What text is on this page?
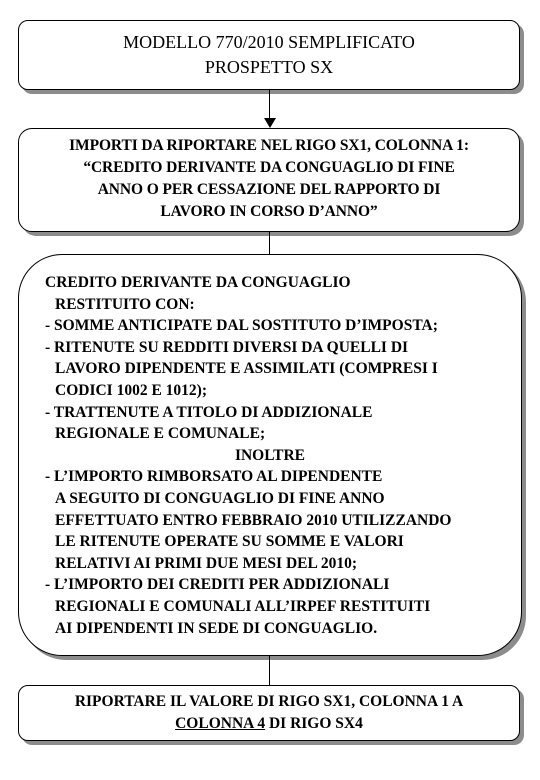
MODELLO 770/2010 SEMPLIFICATO
PROSPETTO SX
IMPORTI DA RIPORTARE NEL RIGO SX1, COLONNA 1:
“CREDITO DERIVANTE DA CONGUAGLIO DI FINE
ANNO O PER CESSAZIONE DEL RAPPORTO DI
LAVORO IN CORSO D’ANNO”
CREDITO DERIVANTE DA CONGUAGLIO
RESTITUITO CON:
- SOMME ANTICIPATE DAL SOSTITUTO D’IMPOSTA;
- RITENUTE SU REDDITI DIVERSI DA QUELLI DI
LAVORO DIPENDENTE E ASSIMILATI (COMPRESI I
CODICI 1002 E 1012);
- TRATTENUTE A TITOLO DI ADDIZIONALE
REGIONALE E COMUNALE;
INOLTRE
- L’IMPORTO RIMBORSATO AL DIPENDENTE
A SEGUITO DI CONGUAGLIO DI FINE ANNO
EFFETTUATO ENTRO FEBBRAIO 2010 UTILIZZANDO
LE RITENUTE OPERATE SU SOMME E VALORI
RELATIVI AI PRIMI DUE MESI DEL 2010;
- L’IMPORTO DEI CREDITI PER ADDIZIONALI
REGIONALI E COMUNALI ALL’IRPEF RESTITUITI
AI DIPENDENTI IN SEDE DI CONGUAGLIO.
RIPORTARE IL VALORE DI RIGO SX1, COLONNA 1 A
COLONNA 4 DI RIGO SX4
